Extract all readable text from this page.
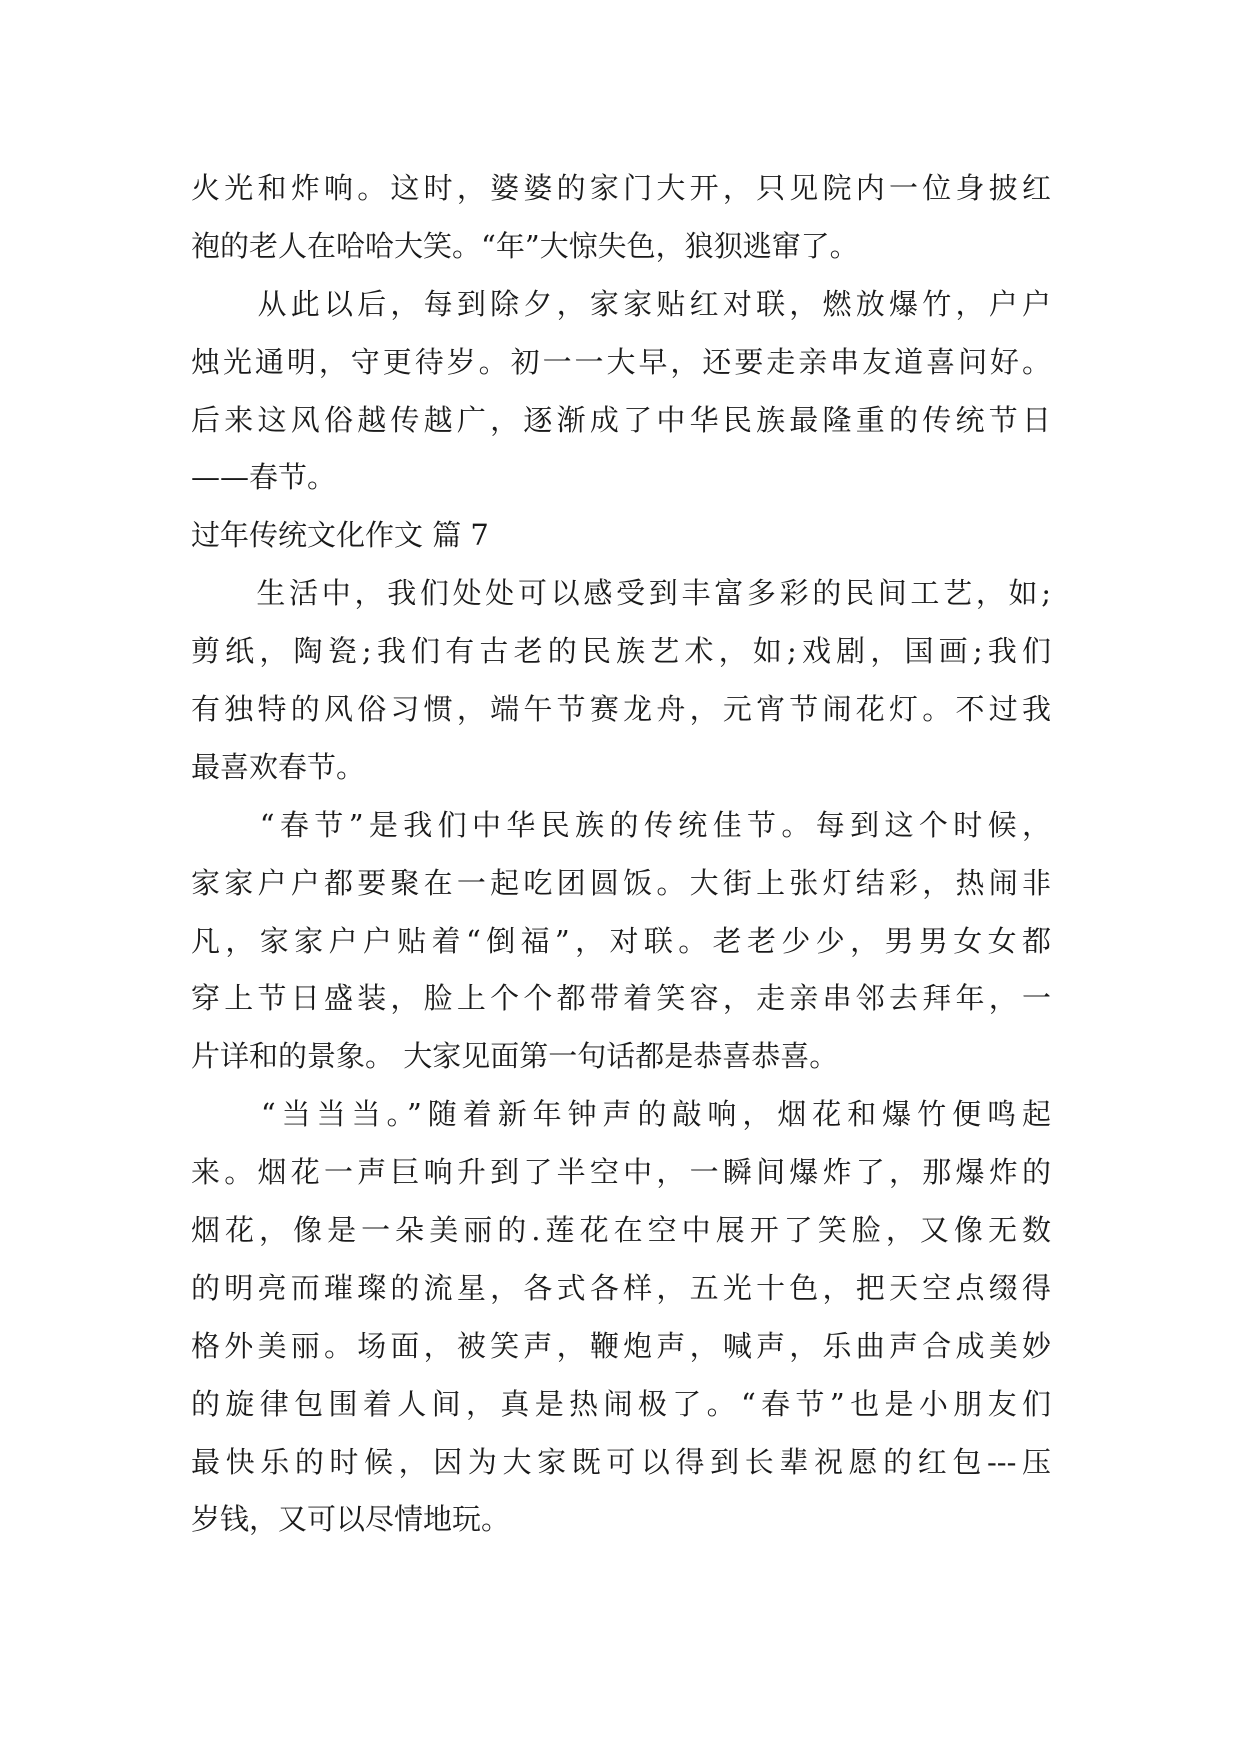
火光和炸响。这时，婆婆的家门大开，只见院内一位身披红
袍的老人在哈哈大笑。“年”大惊失色，狼狈逃窜了。
　　从此以后，每到除夕，家家贴红对联，燃放爆竹，户户
烛光通明，守更待岁。初一一大早，还要走亲串友道喜问好。
后来这风俗越传越广，逐渐成了中华民族最隆重的传统节日
——春节。
过年传统文化作文 篇 7
　　生活中，我们处处可以感受到丰富多彩的民间工艺，如;
剪纸，陶瓷;我们有古老的民族艺术，如;戏剧，国画;我们
有独特的风俗习惯，端午节赛龙舟，元宵节闹花灯。不过我
最喜欢春节。
　　“春节”是我们中华民族的传统佳节。每到这个时候，
家家户户都要聚在一起吃团圆饭。大街上张灯结彩，热闹非
凡，家家户户贴着“倒福”，对联。老老少少，男男女女都
穿上节日盛装，脸上个个都带着笑容，走亲串邻去拜年，一
片详和的景象。 大家见面第一句话都是恭喜恭喜。
　　“当当当。”随着新年钟声的敲响，烟花和爆竹便鸣起
来。烟花一声巨响升到了半空中，一瞬间爆炸了，那爆炸的
烟花，像是一朵美丽的.莲花在空中展开了笑脸，又像无数
的明亮而璀璨的流星，各式各样，五光十色，把天空点缀得
格外美丽。场面，被笑声，鞭炮声，喊声，乐曲声合成美妙
的旋律包围着人间，真是热闹极了。“春节”也是小朋友们
最快乐的时候，因为大家既可以得到长辈祝愿的红包---压
岁钱，又可以尽情地玩。
